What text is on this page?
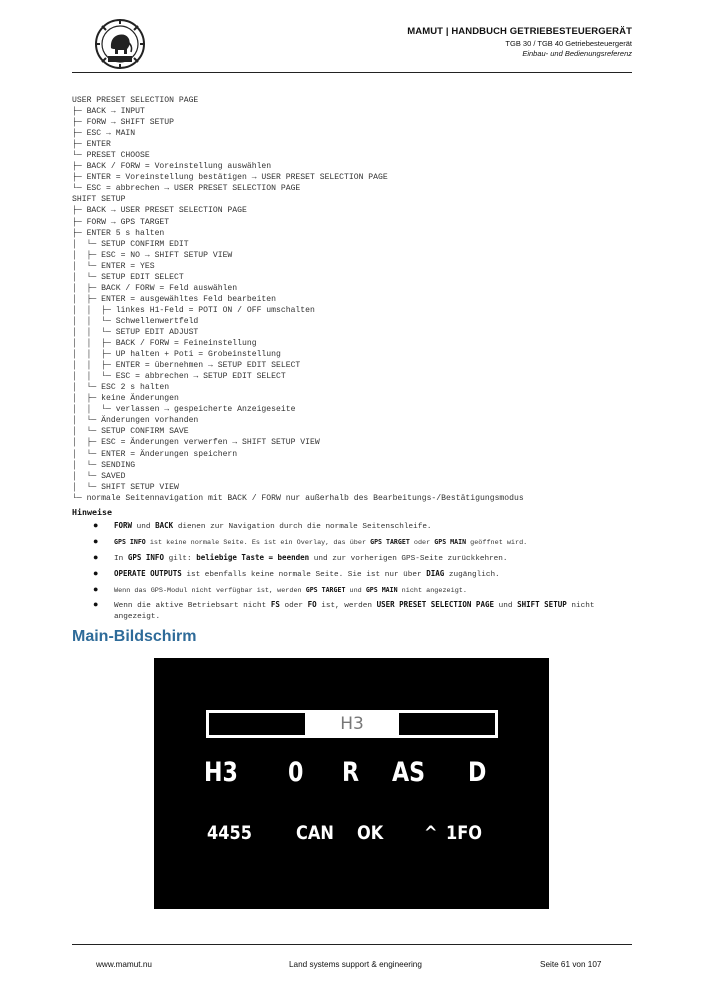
MAMUT | HANDBUCH GETRIEBESTEUERGERÄT
TGB 30 / TGB 40 Getriebesteuergerät
Einbau- und Bedienungsreferenz
USER PRESET SELECTION PAGE
├─ BACK → INPUT
├─ FORW → SHIFT SETUP
├─ ESC → MAIN
├─ ENTER
└─ PRESET CHOOSE
├─ BACK / FORW = Voreinstellung auswählen
├─ ENTER = Voreinstellung bestätigen → USER PRESET SELECTION PAGE
└─ ESC = abbrechen → USER PRESET SELECTION PAGE
SHIFT SETUP
├─ BACK → USER PRESET SELECTION PAGE
├─ FORW → GPS TARGET
├─ ENTER 5 s halten
│  └─ SETUP CONFIRM EDIT
│  ├─ ESC = NO → SHIFT SETUP VIEW
│  └─ ENTER = YES
│  └─ SETUP EDIT SELECT
│  ├─ BACK / FORW = Feld auswählen
│  ├─ ENTER = ausgewähltes Feld bearbeiten
│  │  ├─ linkes H1-Feld = POTI ON / OFF umschalten
│  │  └─ Schwellenwertfeld
│  │  └─ SETUP EDIT ADJUST
│  │  ├─ BACK / FORW = Feineinstellung
│  │  ├─ UP halten + Poti = Grobeinstellung
│  │  ├─ ENTER = übernehmen → SETUP EDIT SELECT
│  │  └─ ESC = abbrechen → SETUP EDIT SELECT
│  └─ ESC 2 s halten
│  ├─ keine Änderungen
│  │  └─ verlassen → gespeicherte Anzeigeseite
│  └─ Änderungen vorhanden
│  └─ SETUP CONFIRM SAVE
│  ├─ ESC = Änderungen verwerfen → SHIFT SETUP VIEW
│  └─ ENTER = Änderungen speichern
│  └─ SENDING
│  └─ SAVED
│  └─ SHIFT SETUP VIEW
└─ normale Seitennavigation mit BACK / FORW nur außerhalb des Bearbeitungs-/Bestätigungsmodus
Hinweise
● FORW und BACK dienen zur Navigation durch die normale Seitenschleife.
● GPS INFO ist keine normale Seite. Es ist ein Overlay, das über GPS TARGET oder GPS MAIN geöffnet wird.
● In GPS INFO gilt: beliebige Taste = beenden und zur vorherigen GPS-Seite zurückkehren.
● OPERATE OUTPUTS ist ebenfalls keine normale Seite. Sie ist nur über DIAG zugänglich.
● Wenn das GPS-Modul nicht verfügbar ist, werden GPS TARGET und GPS MAIN nicht angezeigt.
● Wenn die aktive Betriebsart nicht FS oder FO ist, werden USER PRESET SELECTION PAGE und SHIFT SETUP nicht angezeigt.
Main-Bildschirm
H3
H3 0 R AS D
4455 CAN OK ^ 1FO
www.mamut.nu	Land systems support & engineering	Seite 61 von 107
